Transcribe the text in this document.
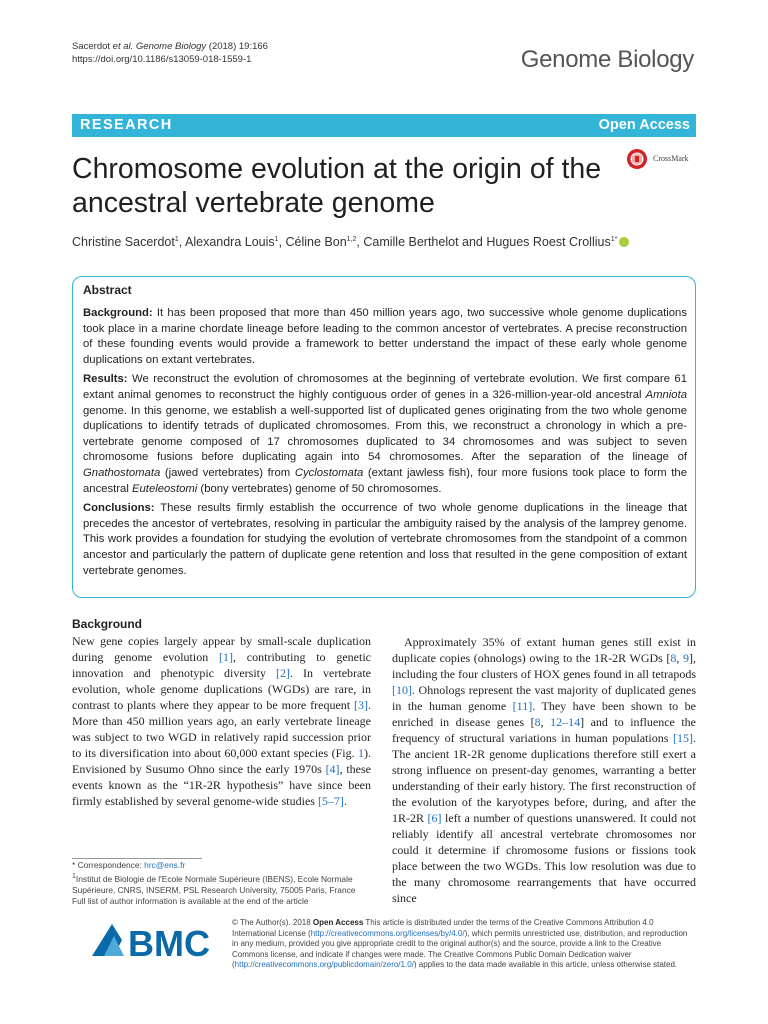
Sacerdot et al. Genome Biology (2018) 19:166
https://doi.org/10.1186/s13059-018-1559-1	Genome Biology
RESEARCH	Open Access
Chromosome evolution at the origin of the ancestral vertebrate genome
CrossMark
Christine Sacerdot$^1$, Alexandra Louis$^1$, Céline Bon$^{1,2}$, Camille Berthelot and Hugues Roest Crollius$^{1*}$
Abstract

Background: It has been proposed that more than 450 million years ago, two successive whole genome duplications took place in a marine chordate lineage before leading to the common ancestor of vertebrates. A precise reconstruction of these founding events would provide a framework to better understand the impact of these early whole genome duplications on extant vertebrates.

Results: We reconstruct the evolution of chromosomes at the beginning of vertebrate evolution. We first compare 61 extant animal genomes to reconstruct the highly contiguous order of genes in a 326-million-year-old ancestral Amniota genome. In this genome, we establish a well-supported list of duplicated genes originating from the two whole genome duplications to identify tetrads of duplicated chromosomes. From this, we reconstruct a chronology in which a pre-vertebrate genome composed of 17 chromosomes duplicated to 34 chromosomes and was subject to seven chromosome fusions before duplicating again into 54 chromosomes. After the separation of the lineage of Gnathostomata (jawed vertebrates) from Cyclostomata (extant jawless fish), four more fusions took place to form the ancestral Euteleostomi (bony vertebrates) genome of 50 chromosomes.

Conclusions: These results firmly establish the occurrence of two whole genome duplications in the lineage that precedes the ancestor of vertebrates, resolving in particular the ambiguity raised by the analysis of the lamprey genome. This work provides a foundation for studying the evolution of vertebrate chromosomes from the standpoint of a common ancestor and particularly the pattern of duplicate gene retention and loss that resulted in the gene composition of extant vertebrate genomes.

Background

New gene copies largely appear by small-scale duplication during genome evolution [1], contributing to genetic innovation and phenotypic diversity [2]. In vertebrate evolution, whole genome duplications (WGDs) are rare, in contrast to plants where they appear to be more frequent [3]. More than 450 million years ago, an early vertebrate lineage was subject to two WGD in relatively rapid succession prior to its diversification into about 60,000 extant species (Fig. 1). Envisioned by Susumo Ohno since the early 1970s [4], these events known as the “1R-2R hypothesis” have since been firmly established by several genome-wide studies [5–7].

Approximately 35% of extant human genes still exist in duplicate copies (ohnologs) owing to the 1R-2R WGDs [8, 9], including the four clusters of HOX genes found in all tetrapods [10]. Ohnologs represent the vast majority of duplicated genes in the human genome [11]. They have been shown to be enriched in disease genes [8, 12–14] and to influence the frequency of structural variations in human populations [15]. The ancient 1R-2R genome duplications therefore still exert a strong influence on present-day genomes, warranting a better understanding of their early history. The first reconstruction of the evolution of the karyotypes before, during, and after the 1R-2R [6] left a number of questions unanswered. It could not reliably identify all ancestral vertebrate chromosomes nor could it determine if chromosome fusions or fissions took place between the two WGDs. This low resolution was due to the many chromosome rearrangements that have occurred since

* Correspondence: hrc@ens.fr
$^1$Institut de Biologie de l'Ecole Normale Supérieure (IBENS), Ecole Normale Supérieure, CNRS, INSERM, PSL Research University, 75005 Paris, France
Full list of author information is available at the end of the article
BMC
© The Author(s). 2018 Open Access This article is distributed under the terms of the Creative Commons Attribution 4.0 International License (http://creativecommons.org/licenses/by/4.0/), which permits unrestricted use, distribution, and reproduction in any medium, provided you give appropriate credit to the original author(s) and the source, provide a link to the Creative Commons license, and indicate if changes were made. The Creative Commons Public Domain Dedication waiver (http://creativecommons.org/publicdomain/zero/1.0/) applies to the data made available in this article, unless otherwise stated.
